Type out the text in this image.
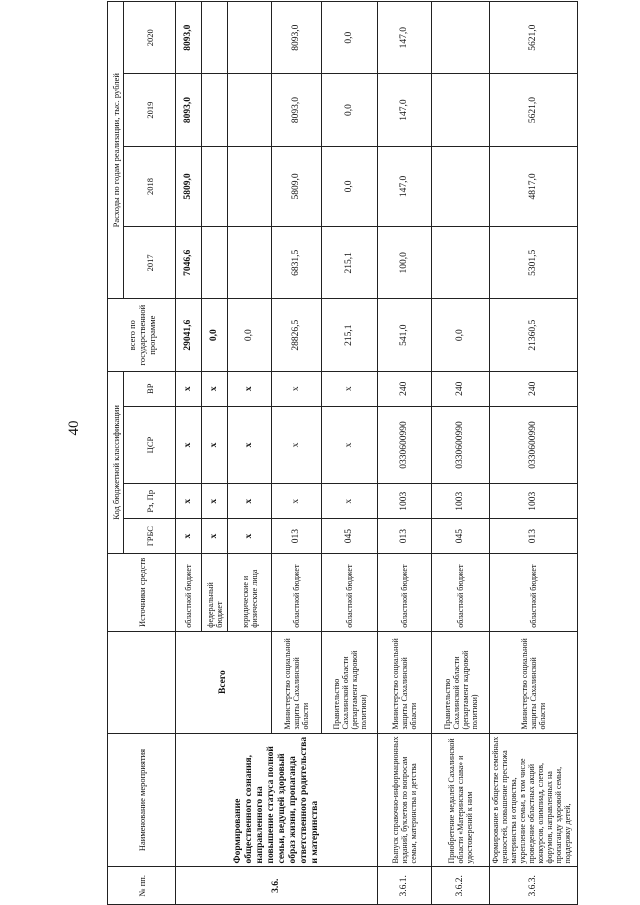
40
№ пп.	Наименование мероприятия		Источники средств	Код бюджетной классификации				всего по государственной программе	Расходы по годам реализации, тыс. рублей			
				ГРБС	Рз, Пр	ЦСР	ВР		2017	2018	2019	2020
3.6.	Формирование общественного сознания, направленного на повышение статуса полной семьи, ведущей здоровый образ жизни, пропаганда ответственного родительства и материнства	Всего	областной бюджет	х	х	х	х	29041,6	7046,6	5809,0	8093,0	8093,0
			федеральный бюджет	х	х	х	х	0,0				
			юридические и физические лица	х	х	х	х	0,0				
		Министерство социальной защиты Сахалинской области	областной бюджет	013	х	х	х	28826,5	6831,5	5809,0	8093,0	8093,0
		Правительство Сахалинской области (департамент кадровой политики)	областной бюджет	045	х	х	х	215,1	215,1	0,0	0,0	0,0
3.6.1.	Выпуск справочно-информационных изданий, буклетов по вопросам семьи, материнства и детства	Министерство социальной защиты Сахалинской области	областной бюджет	013	1003	0330600990	240	541,0	100,0	147,0	147,0	147,0
3.6.2.	Приобретение медалей Сахалинской области «Материнская слава» и удостоверений к ним	Правительство Сахалинской области (департамент кадровой политики)	областной бюджет	045	1003	0330600990	240	0,0				
3.6.3.	Формирование в обществе семейных ценностей, повышение престижа материнства и отцовства, укрепление семьи, в том числе проведение областных акций конкурсов, олимпиад, слетов, форумов, направленных на пропаганду здоровой семьи, поддержку детей,	Министерство социальной защиты Сахалинской области	областной бюджет	013	1003	0330600990	240	21360,5	5301,5	4817,0	5621,0	5621,0
